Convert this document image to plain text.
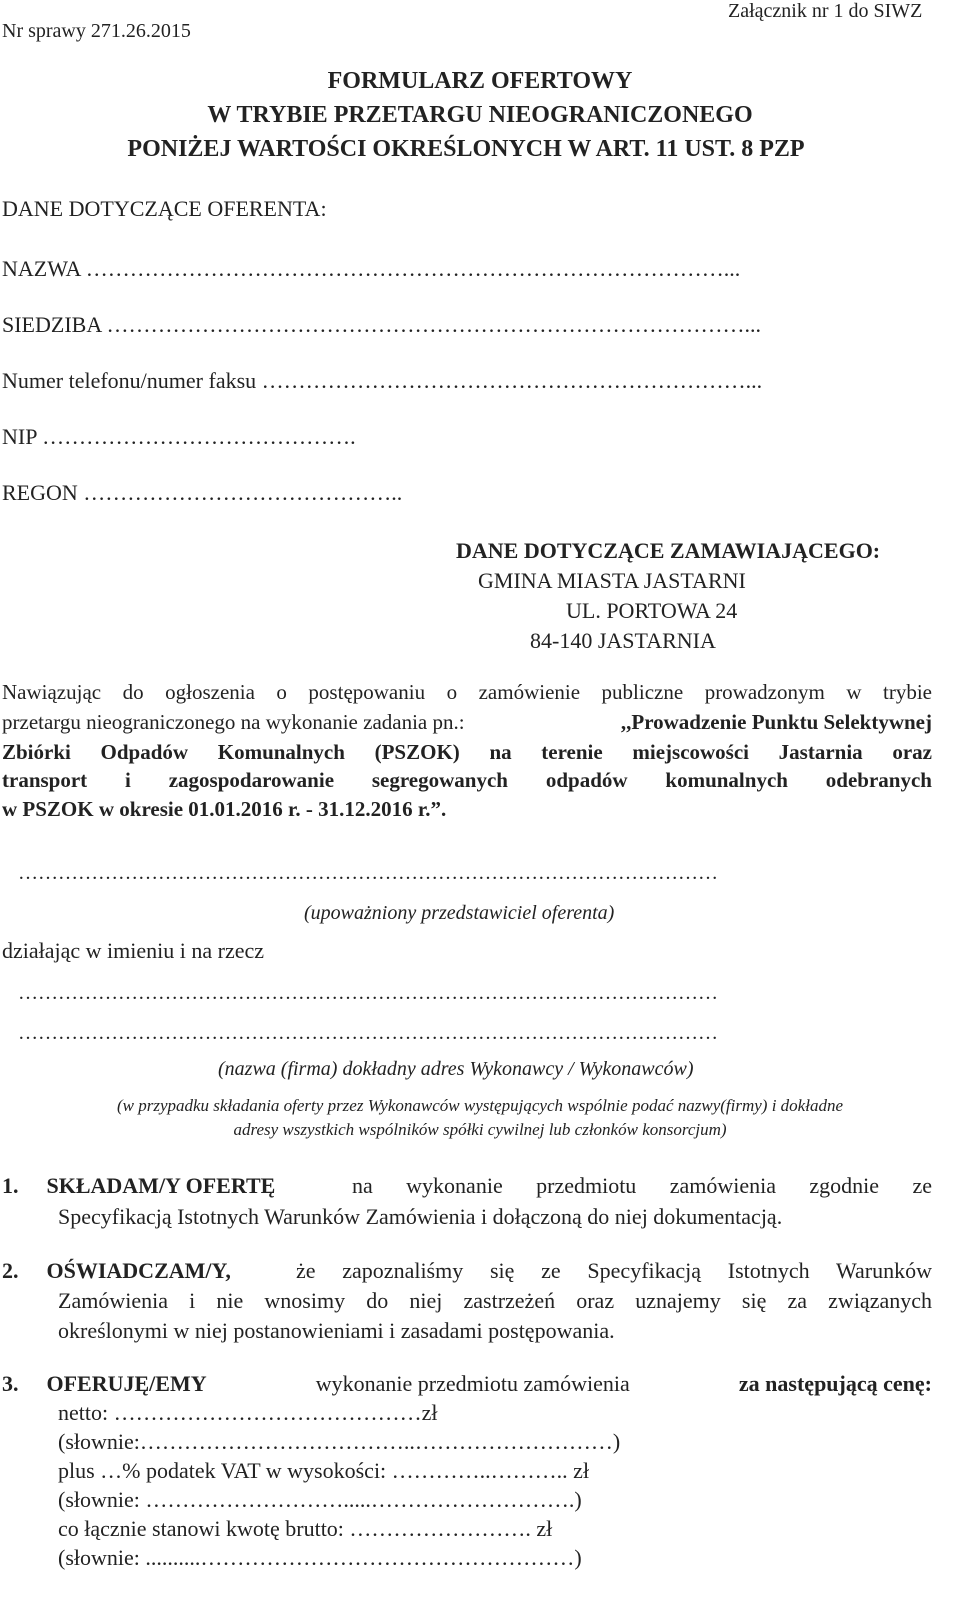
Nr sprawy 271.26.2015
Załącznik nr 1 do SIWZ
FORMULARZ OFERTOWY
W TRYBIE PRZETARGU NIEOGRANICZONEGO
PONIŻEJ WARTOŚCI OKREŚLONYCH W ART. 11 UST. 8 PZP
DANE DOTYCZĄCE OFERENTA:
NAZWA ……………………………………………………………………………...
SIEDZIBA ……………………………………………………………………………...
Numer telefonu/numer faksu …………………………………………………………...
NIP …………………………………….
REGON ……………………………………..
DANE DOTYCZĄCE ZAMAWIAJĄCEGO:
GMINA MIASTA JASTARNI
UL. PORTOWA 24
84-140 JASTARNIA
Nawiązując do ogłoszenia o postępowaniu o zamówienie publiczne prowadzonym w trybie
przetargu nieograniczonego na wykonanie zadania pn.:	,,Prowadzenie Punktu Selektywnej
Zbiórki Odpadów Komunalnych (PSZOK) na terenie miejscowości Jastarnia oraz
transport i zagospodarowanie segregowanych odpadów komunalnych odebranych
w PSZOK w okresie 01.01.2016 r. - 31.12.2016 r.”.
……………………………………………………………………………………………
(upoważniony przedstawiciel oferenta)
działając w imieniu i na rzecz
……………………………………………………………………………………………
……………………………………………………………………………………………
(nazwa (firma) dokładny adres Wykonawcy / Wykonawców)
(w przypadku składania oferty przez Wykonawców występujących wspólnie podać nazwy(firmy) i dokładne
adresy wszystkich wspólników spółki cywilnej lub członków konsorcjum)
1. SKŁADAM/Y OFERTĘ	na wykonanie przedmiotu zamówienia zgodnie ze
Specyfikacją Istotnych Warunków Zamówienia i dołączoną do niej dokumentacją.
2. OŚWIADCZAM/Y,	że zapoznaliśmy się ze Specyfikacją Istotnych Warunków
Zamówienia i nie wnosimy do niej zastrzeżeń oraz uznajemy się za związanych
określonymi w niej postanowieniami i zasadami postępowania.
3. OFERUJĘ/EMY	wykonanie przedmiotu zamówienia	za następującą cenę:
netto: ……………………………………zł
(słownie:………………………………..………………………)
plus …% podatek VAT w wysokości: …………..……….. zł
(słownie: ……………………….....……………………….)
co łącznie stanowi kwotę brutto: ……………………. zł
(słownie: ..........……………………………………………)
